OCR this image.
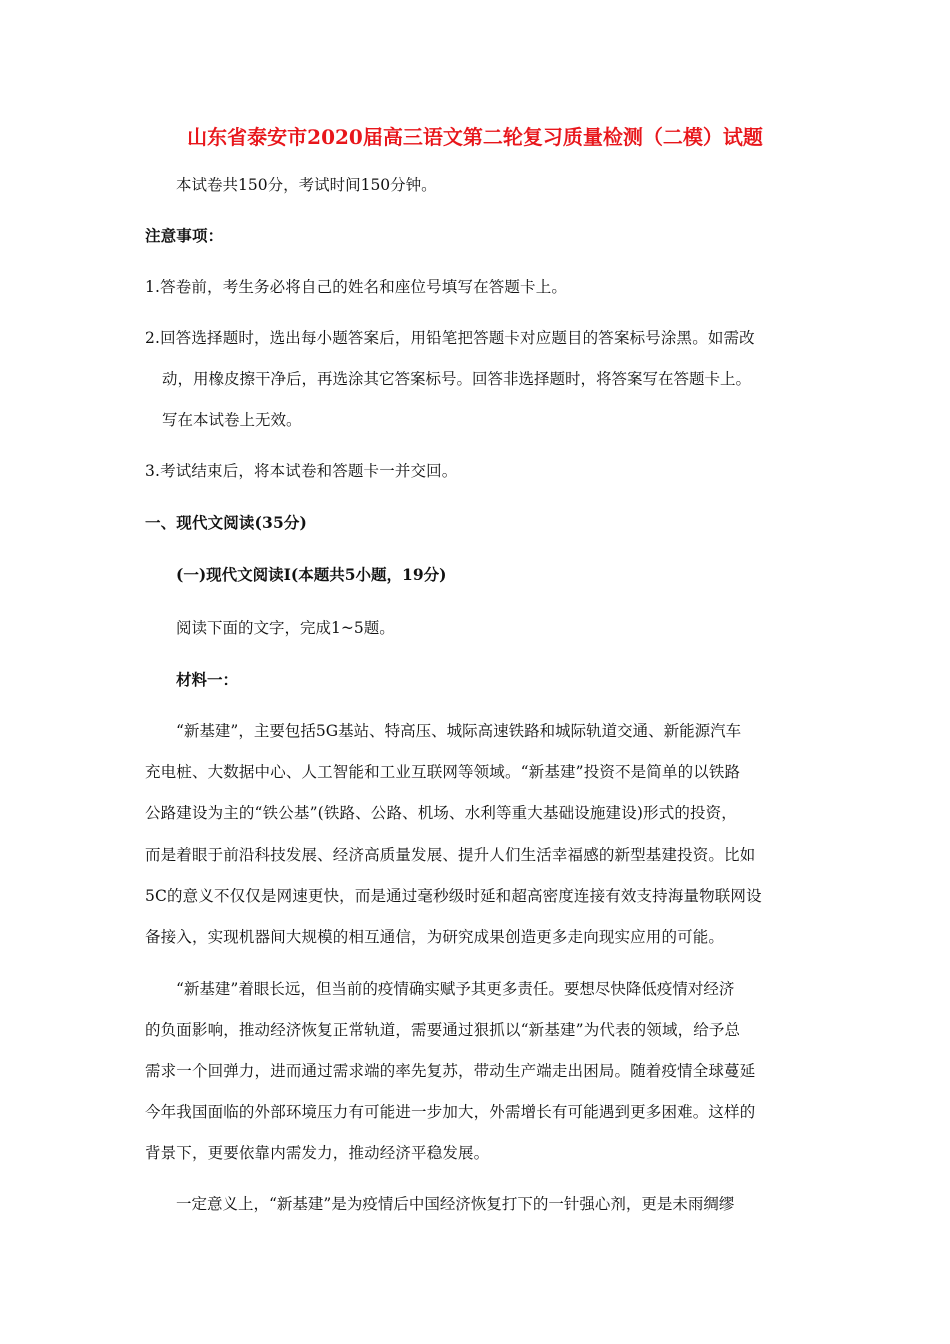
山东省泰安市2020届高三语文第二轮复习质量检测（二模）试题
本试卷共150分，考试时间150分钟。
注意事项：
1.答卷前，考生务必将自己的姓名和座位号填写在答题卡上。
2.回答选择题时，选出每小题答案后，用铅笔把答题卡对应题目的答案标号涂黑。如需改
动，用橡皮擦干净后，再选涂其它答案标号。回答非选择题时，将答案写在答题卡上。
写在本试卷上无效。
3.考试结束后，将本试卷和答题卡一并交回。
一、现代文阅读(35分)
(一)现代文阅读Ⅰ(本题共5小题，19分)
阅读下面的文字，完成1~5题。
材料一：
“新基建”，主要包括5G基站、特高压、城际高速铁路和城际轨道交通、新能源汽车
充电桩、大数据中心、人工智能和工业互联网等领域。“新基建”投资不是简单的以铁路
公路建设为主的“铁公基”(铁路、公路、机场、水利等重大基础设施建设)形式的投资，
而是着眼于前沿科技发展、经济高质量发展、提升人们生活幸福感的新型基建投资。比如
5C的意义不仅仅是网速更快，而是通过毫秒级时延和超高密度连接有效支持海量物联网设
备接入，实现机器间大规模的相互通信，为研究成果创造更多走向现实应用的可能。
“新基建”着眼长远，但当前的疫情确实赋予其更多责任。要想尽快降低疫情对经济
的负面影响，推动经济恢复正常轨道，需要通过狠抓以“新基建”为代表的领域，给予总
需求一个回弹力，进而通过需求端的率先复苏，带动生产端走出困局。随着疫情全球蔓延
今年我国面临的外部环境压力有可能进一步加大，外需增长有可能遇到更多困难。这样的
背景下，更要依靠内需发力，推动经济平稳发展。
一定意义上，“新基建”是为疫情后中国经济恢复打下的一针强心剂，更是未雨绸缪
